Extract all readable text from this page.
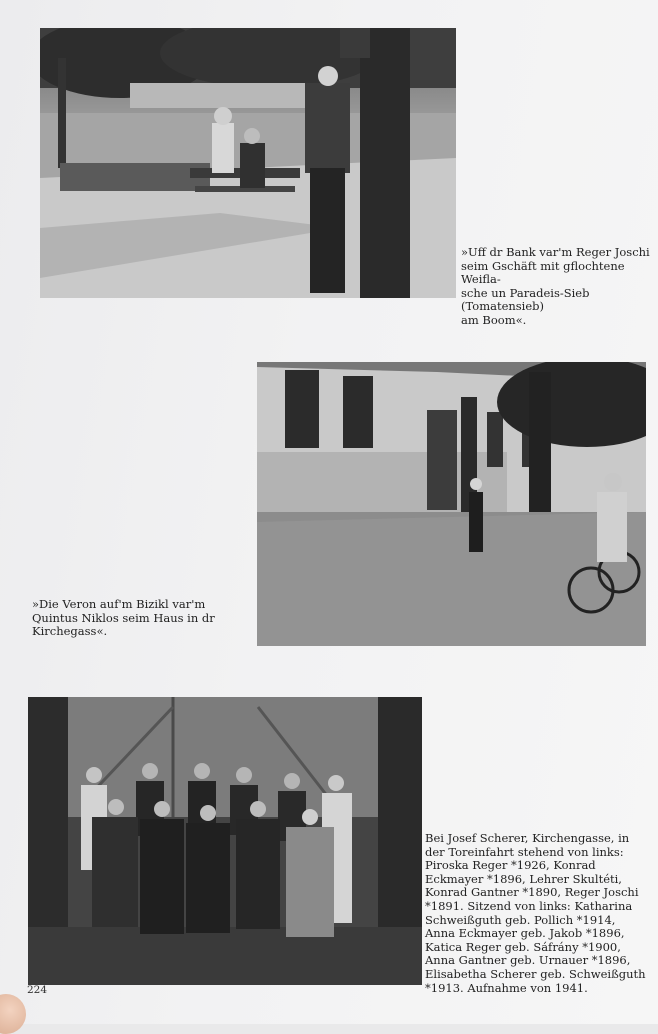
»Uff dr Bank var'm Reger Joschi
seim Gschäft mit gflochtene Weifla-
sche un Paradeis-Sieb (Tomatensieb)
am Boom«.
»Die Veron auf'm Bizikl var'm
Quintus Niklos seim Haus in dr
Kirchegass«.
Bei Josef Scherer, Kirchengasse, in
der Toreinfahrt stehend von links:
Piroska Reger *1926, Konrad
Eckmayer *1896, Lehrer Skultéti,
Konrad Gantner *1890, Reger Joschi
*1891. Sitzend von links: Katharina
Schweißguth geb. Pollich *1914,
Anna Eckmayer geb. Jakob *1896,
Katica Reger geb. Sáfrány *1900,
Anna Gantner geb. Urnauer *1896,
Elisabetha Scherer geb. Schweißguth
*1913. Aufnahme von 1941.
224
